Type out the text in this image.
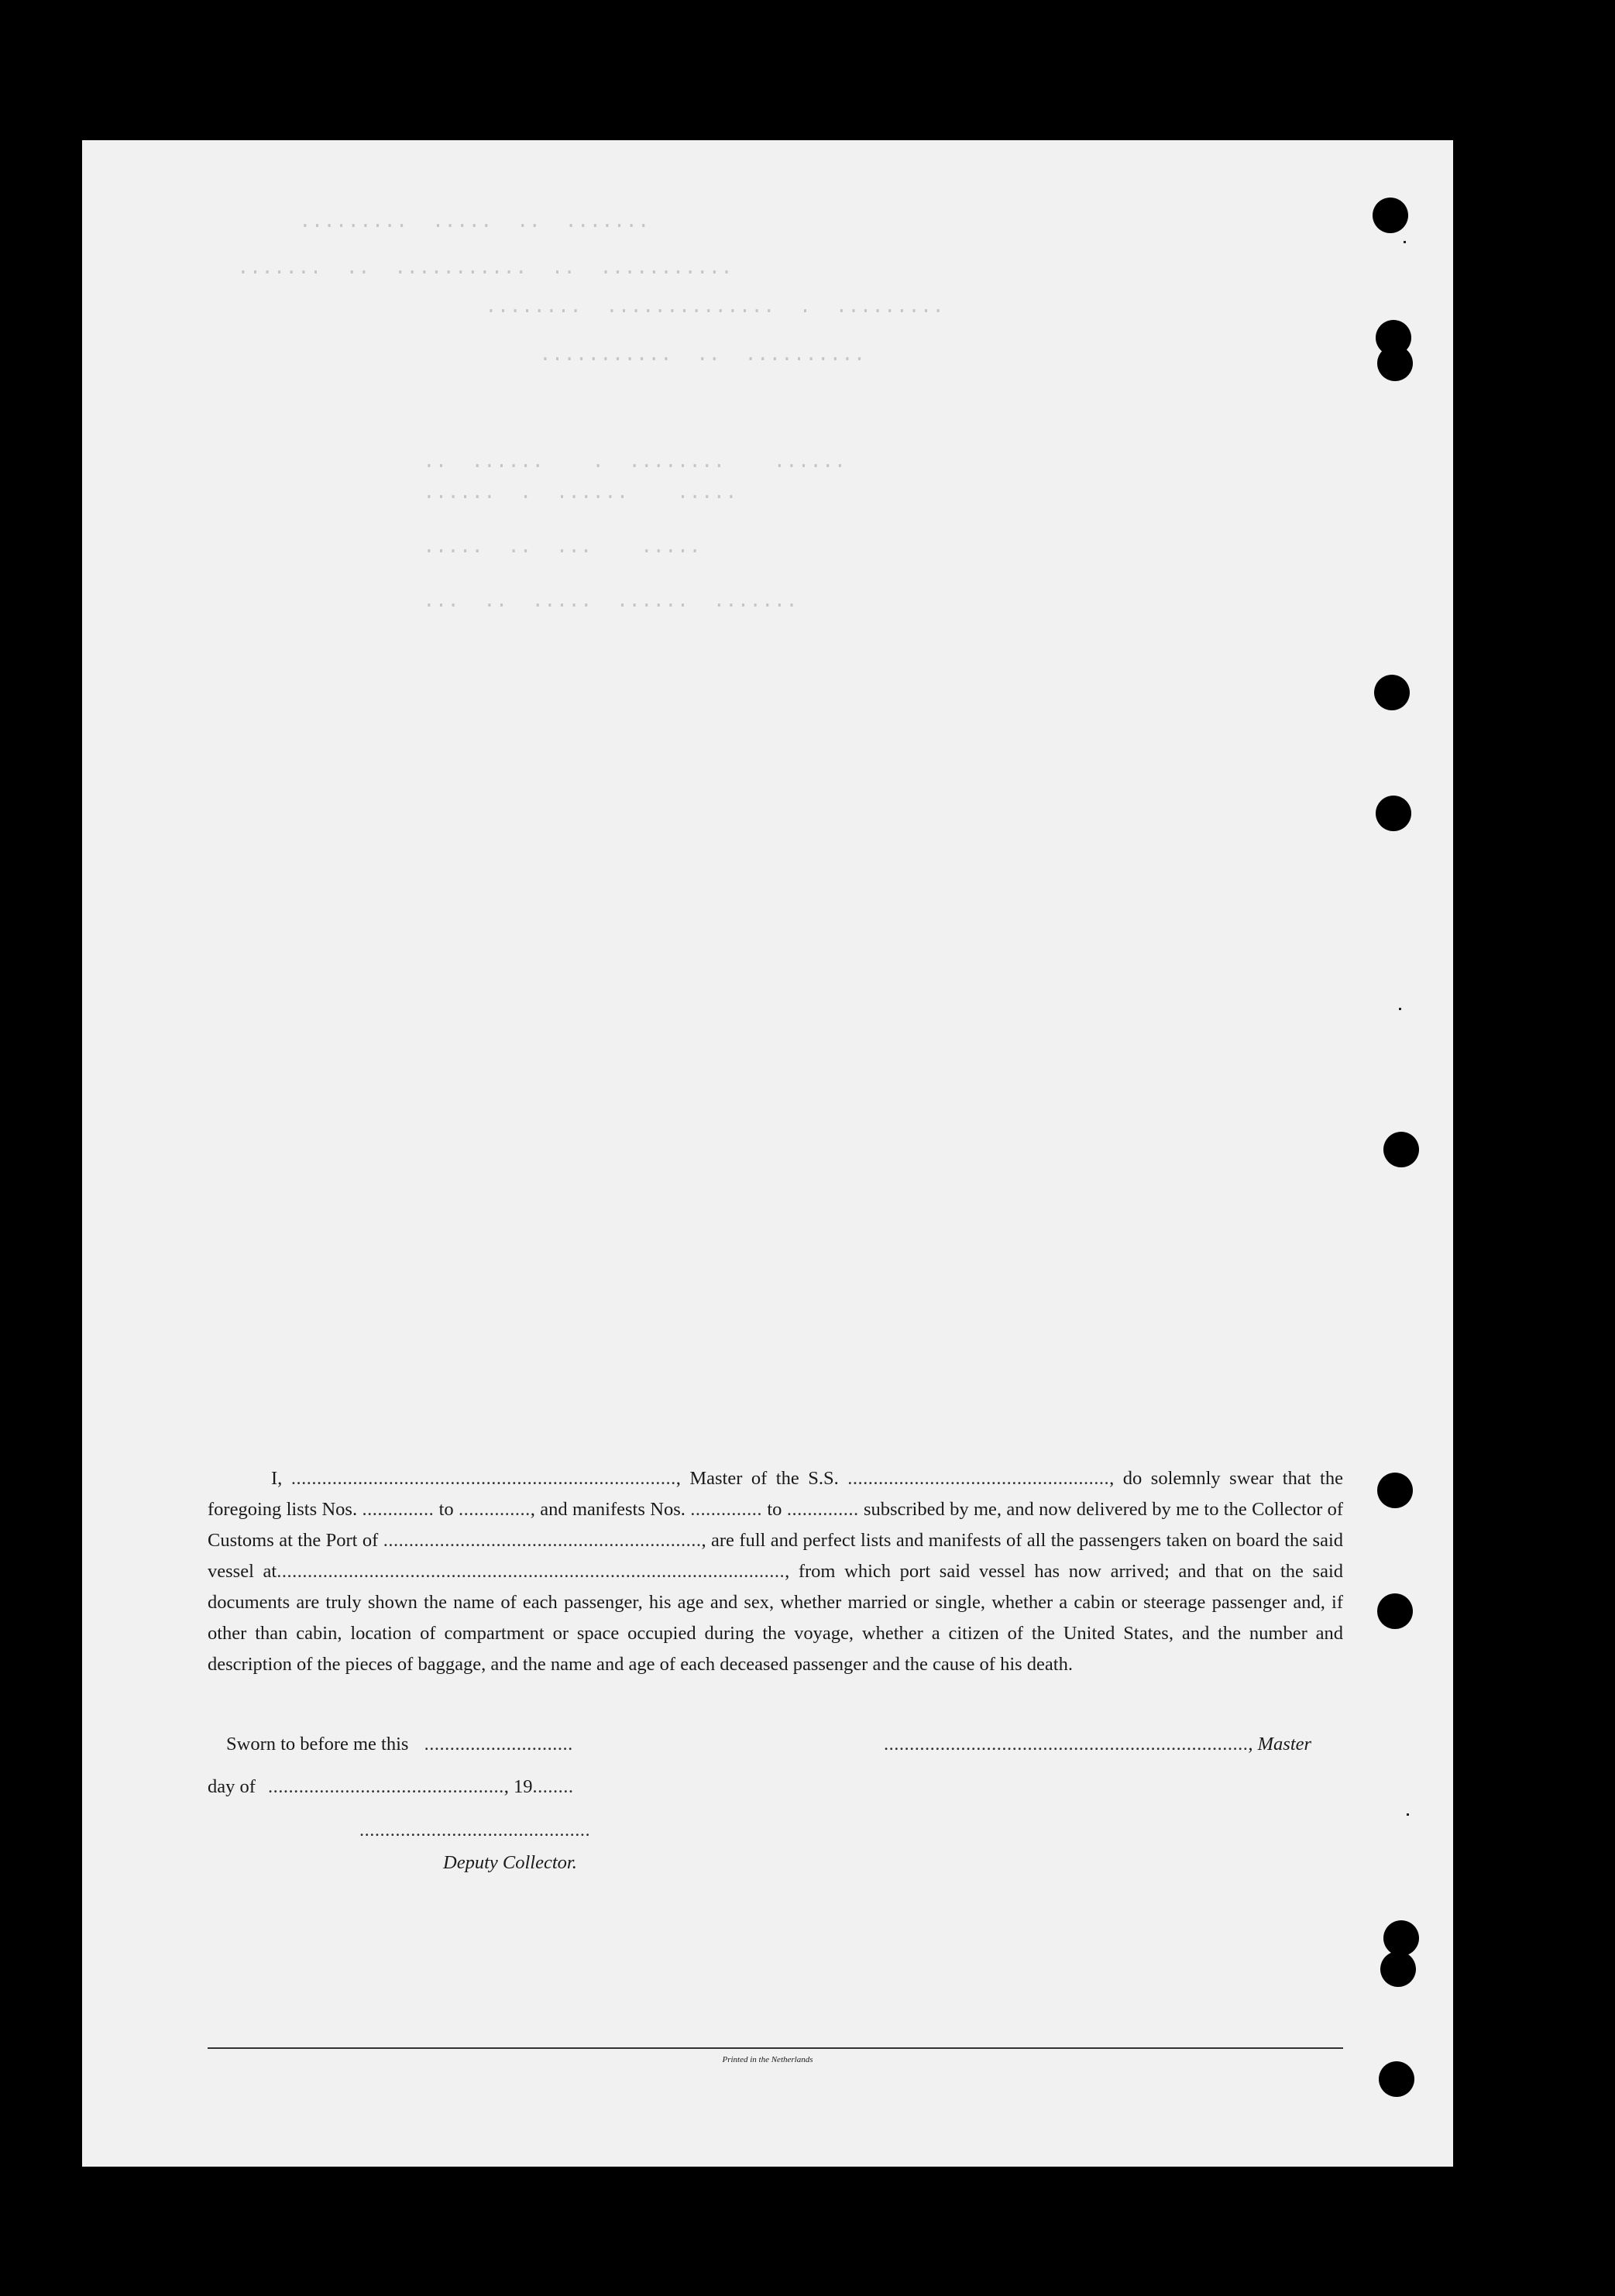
.......  ..  .....  .........
...........  ..  ...........  ..  .......
.........  .  ..............  ........
..........  ..  ...........
......    ........  .    ......  ..
.....    ......  .  ......
.....    ...  ..  .....
.......  ......  .....  ..  ...

I, ..........................................................................., Master of the S.S. ..................................................., do solemnly swear that the foregoing lists Nos. .............. to .............., and manifests Nos. .............. to .............. subscribed by me, and now delivered by me to the Collector of Customs at the Port of .............................................................., are full and perfect lists and manifests of all the passengers taken on board the said vessel at..................................................................................................., from which port said vessel has now arrived; and that on the said documents are truly shown the name of each passenger, his age and sex, whether married or single, whether a cabin or steerage passenger and, if other than cabin, location of compartment or space occupied during the voyage, whether a citizen of the United States, and the number and description of the pieces of baggage, and the name and age of each deceased passenger and the cause of his death.

Sworn to before me this .............................	......................................................................., Master
day of .............................................., 19........
.............................................
Deputy Collector.
Printed in the Netherlands
